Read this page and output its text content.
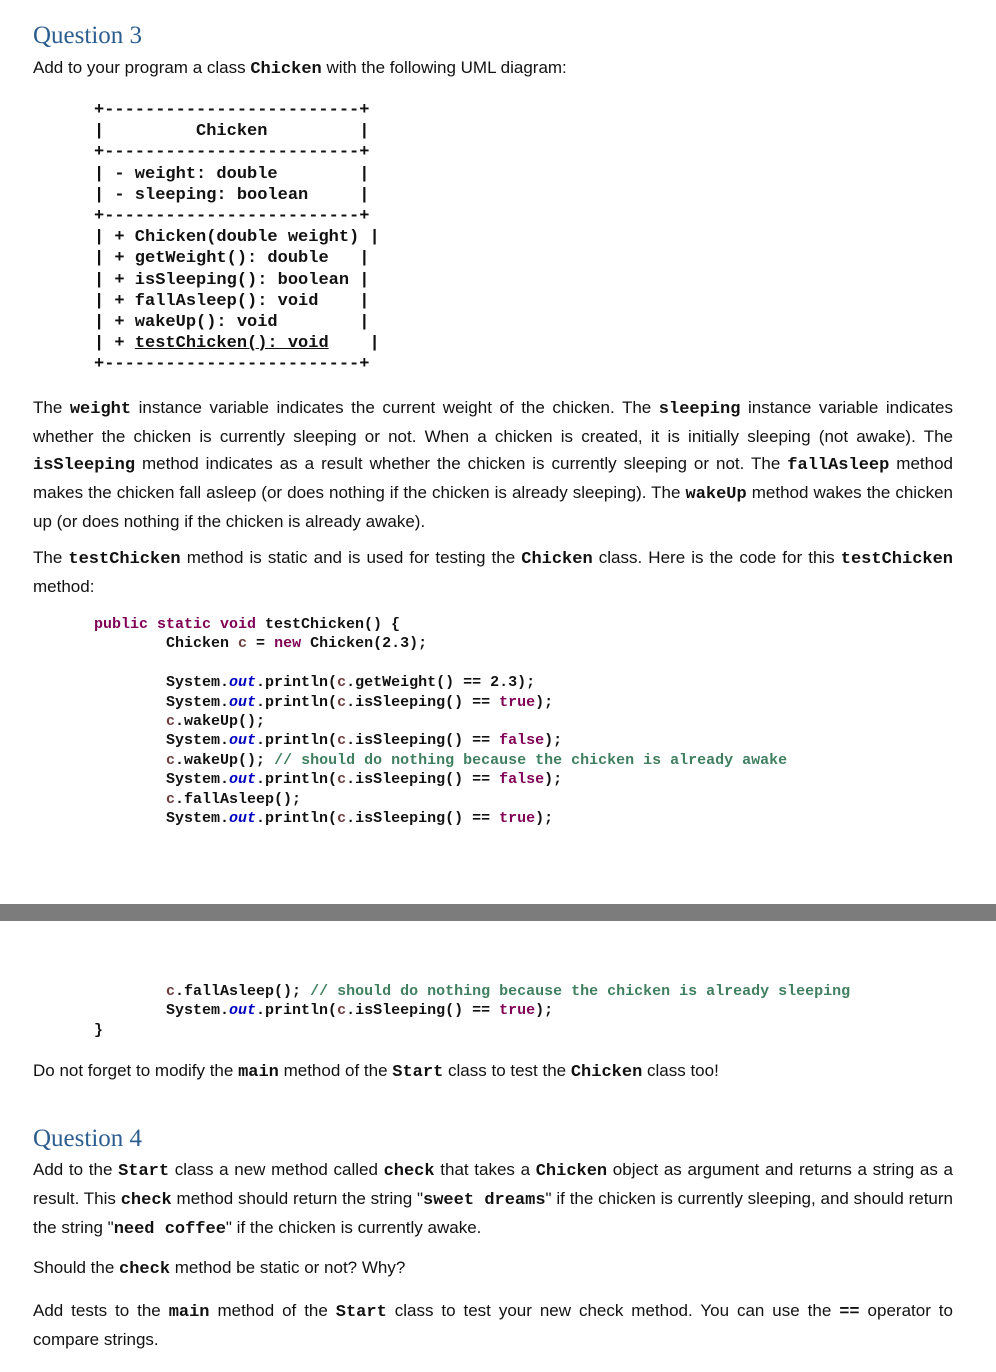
Question 3
Add to your program a class Chicken with the following UML diagram:
+-------------------------+
|	Chicken	|
+-------------------------+
| - weight: double	|
| - sleeping: boolean	|
+-------------------------+
| + Chicken(double weight) |
| + getWeight(): double |
| + isSleeping(): boolean |
| + fallAsleep(): void |
| + wakeUp(): void	|
| + testChicken(): void |
+-------------------------+
The weight instance variable indicates the current weight of the chicken. The sleeping instance variable indicates whether the chicken is currently sleeping or not. When a chicken is created, it is initially sleeping (not awake). The isSleeping method indicates as a result whether the chicken is currently sleeping or not. The fallAsleep method makes the chicken fall asleep (or does nothing if the chicken is already sleeping). The wakeUp method wakes the chicken up (or does nothing if the chicken is already awake).
The testChicken method is static and is used for testing the Chicken class. Here is the code for this testChicken method:
public static void testChicken() {
Chicken c = new Chicken(2.3);

System.out.println(c.getWeight() == 2.3);
System.out.println(c.isSleeping() == true);
c.wakeUp();
System.out.println(c.isSleeping() == false);
c.wakeUp(); // should do nothing because the chicken is already awake
System.out.println(c.isSleeping() == false);
c.fallAsleep();
System.out.println(c.isSleeping() == true);
c.fallAsleep(); // should do nothing because the chicken is already sleeping
System.out.println(c.isSleeping() == true);
}
Do not forget to modify the main method of the Start class to test the Chicken class too!
Question 4
Add to the Start class a new method called check that takes a Chicken object as argument and returns a string as a result. This check method should return the string "sweet dreams" if the chicken is currently sleeping, and should return the string "need coffee" if the chicken is currently awake.
Should the check method be static or not? Why?
Add tests to the main method of the Start class to test your new check method. You can use the == operator to compare strings.
